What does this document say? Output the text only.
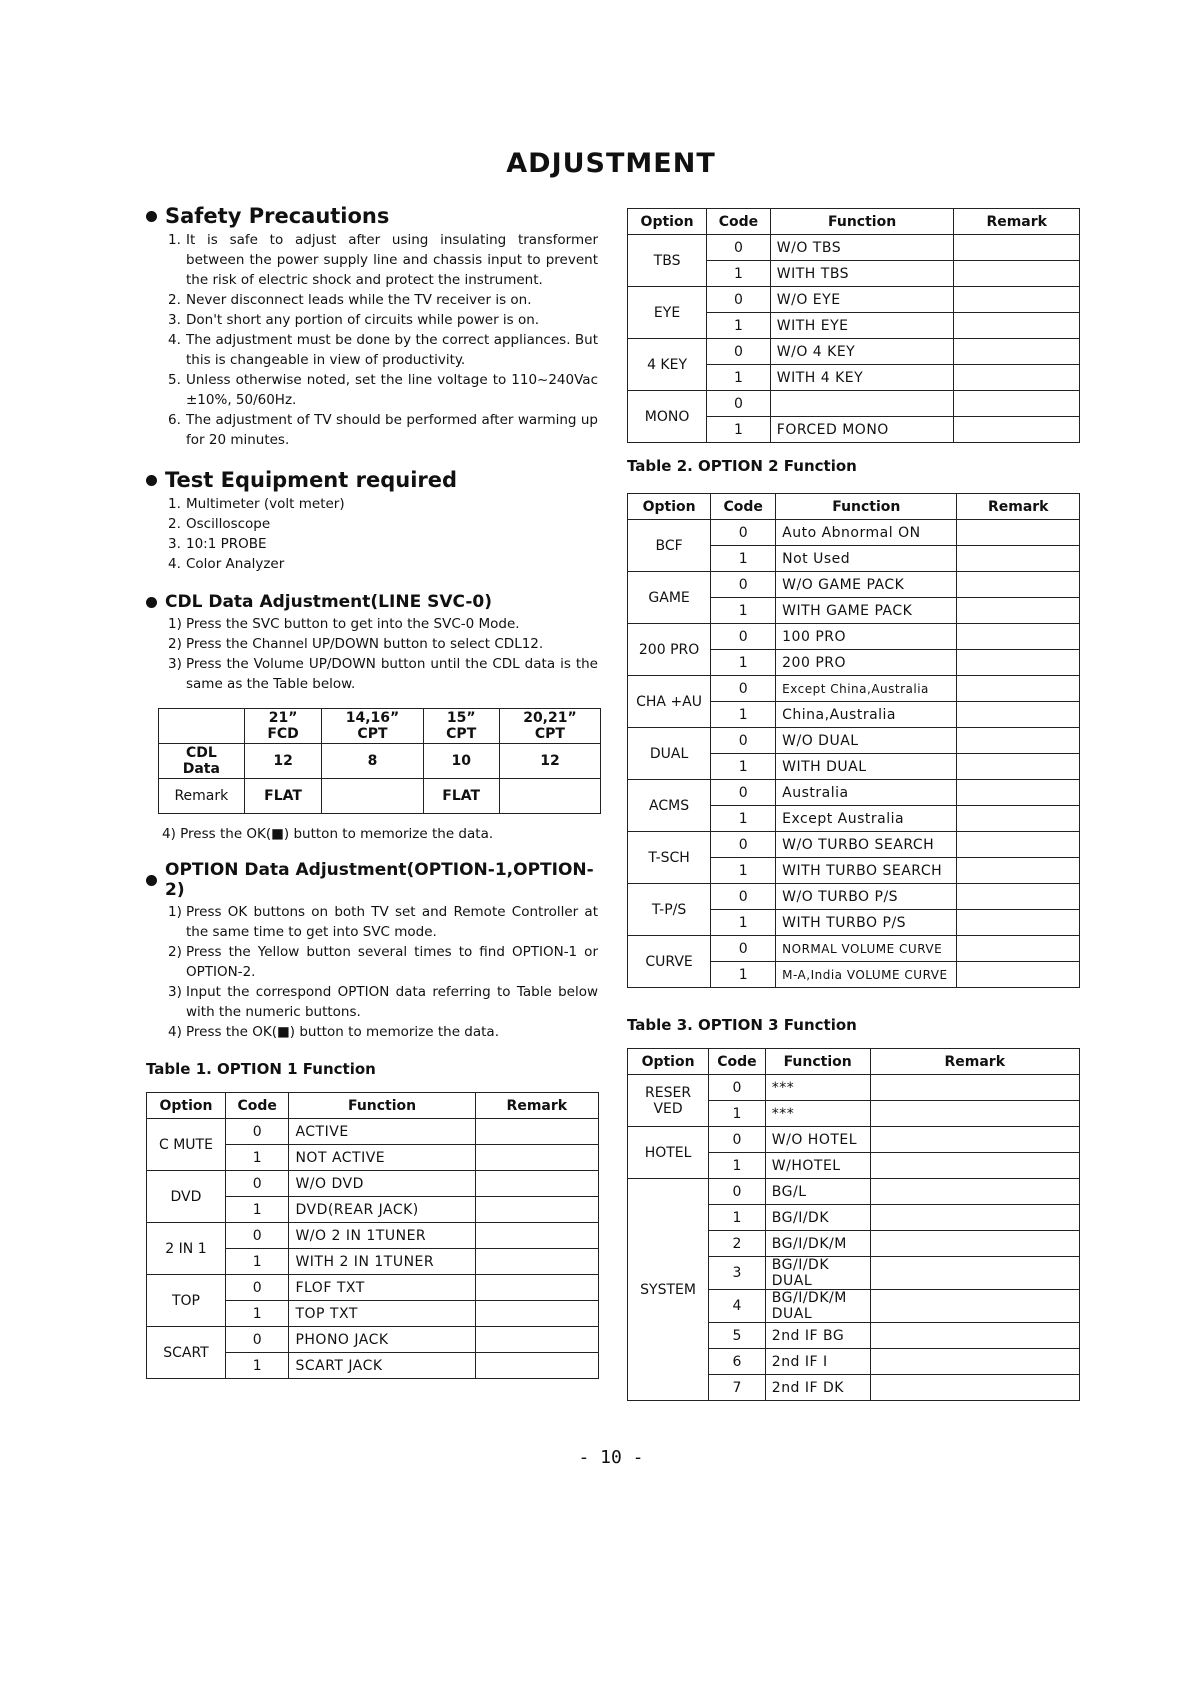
ADJUSTMENT
Safety Precautions
1. It is safe to adjust after using insulating transformer between the power supply line and chassis input to prevent the risk of electric shock and protect the instrument.
2. Never disconnect leads while the TV receiver is on.
3. Don't short any portion of circuits while power is on.
4. The adjustment must be done by the correct appliances. But this is changeable in view of productivity.
5. Unless otherwise noted, set the line voltage to 110~240Vac ±10%, 50/60Hz.
6. The adjustment of TV should be performed after warming up for 20 minutes.
Test Equipment required
1. Multimeter (volt meter)
2. Oscilloscope
3. 10:1 PROBE
4. Color Analyzer
CDL Data Adjustment(LINE SVC-0)
1) Press the SVC button to get into the SVC-0 Mode.
2) Press the Channel UP/DOWN button to select CDL12.
3) Press the Volume UP/DOWN button until the CDL data is the same as the Table below.
	21” FCD	14,16” CPT	15” CPT	20,21” CPT
CDL Data	12	8	10	12
Remark	FLAT		FLAT	
4) Press the OK(■) button to memorize the data.
OPTION Data Adjustment(OPTION-1,OPTION-2)
1) Press OK buttons on both TV set and Remote Controller at the same time to get into SVC mode.
2) Press the Yellow button several times to find OPTION-1 or OPTION-2.
3) Input the correspond OPTION data referring to Table below with the numeric buttons.
4) Press the OK(■) button to memorize the data.
Table 1. OPTION 1 Function
Option	Code	Function	Remark
C MUTE	0	ACTIVE	
	1	NOT ACTIVE	
DVD	0	W/O DVD	
	1	DVD(REAR JACK)	
2 IN 1	0	W/O 2 IN 1TUNER	
	1	WITH 2 IN 1TUNER	
TOP	0	FLOF TXT	
	1	TOP TXT	
SCART	0	PHONO JACK	
	1	SCART JACK	
Option	Code	Function	Remark
TBS	0	W/O TBS	
	1	WITH TBS	
EYE	0	W/O EYE	
	1	WITH EYE	
4 KEY	0	W/O 4 KEY	
	1	WITH 4 KEY	
MONO	0		
	1	FORCED MONO	
Table 2. OPTION 2 Function
Option	Code	Function	Remark
BCF	0	Auto Abnormal ON	
	1	Not Used	
GAME	0	W/O GAME PACK	
	1	WITH GAME PACK	
200 PRO	0	100 PRO	
	1	200 PRO	
CHA +AU	0	Except China,Australia	
	1	China,Australia	
DUAL	0	W/O DUAL	
	1	WITH DUAL	
ACMS	0	Australia	
	1	Except Australia	
T-SCH	0	W/O TURBO SEARCH	
	1	WITH TURBO SEARCH	
T-P/S	0	W/O TURBO P/S	
	1	WITH TURBO P/S	
CURVE	0	NORMAL VOLUME CURVE	
	1	M-A,India VOLUME CURVE	
Table 3. OPTION 3 Function
Option	Code	Function	Remark
RESER VED	0	***	
	1	***	
HOTEL	0	W/O HOTEL	
	1	W/HOTEL	
SYSTEM	0	BG/L	
	1	BG/I/DK	
	2	BG/I/DK/M	
	3	BG/I/DK DUAL	
	4	BG/I/DK/M DUAL	
	5	2nd IF BG	
	6	2nd IF I	
	7	2nd IF DK	
- 10 -
